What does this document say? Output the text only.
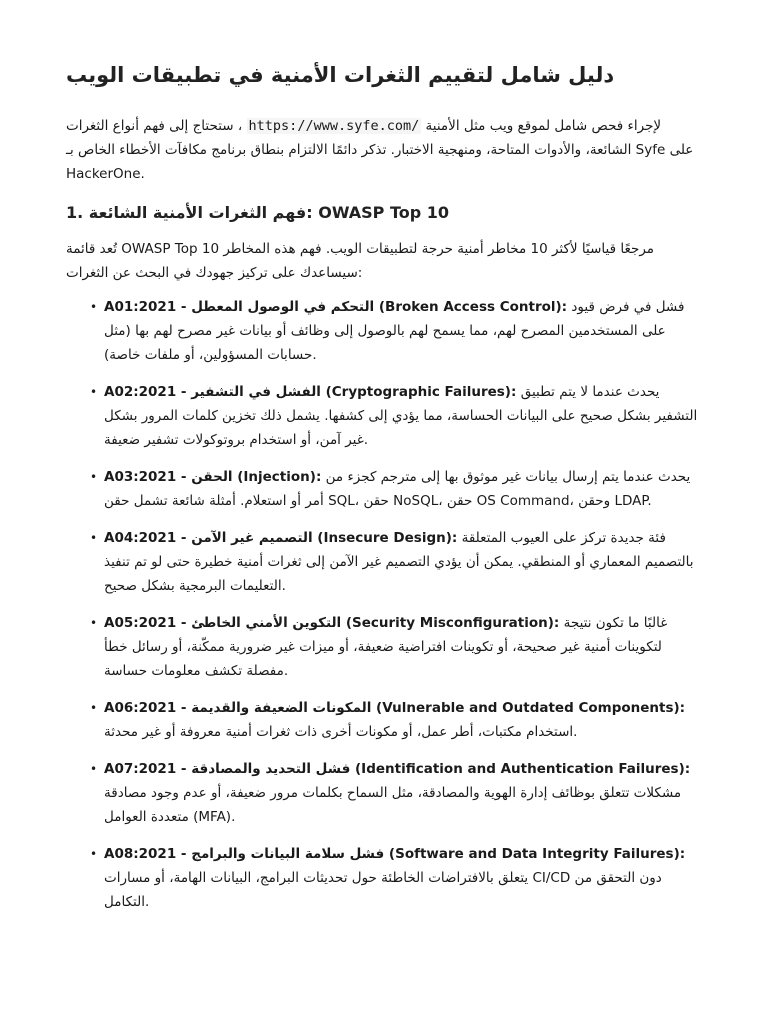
دليل شامل لتقييم الثغرات الأمنية في تطبيقات الويب

ستحتاج إلى فهم أنواع الثغرات ، https://www.syfe.com/ لإجراء فحص شامل لموقع ويب مثل الأمنية الشائعة، والأدوات المتاحة، ومنهجية الاختبار. تذكر دائمًا الالتزام بنطاق برنامج مكافآت الأخطاء الخاص بـ Syfe على HackerOne.

1. فهم الثغرات الأمنية الشائعة: OWASP Top 10

تُعد قائمة OWASP Top 10 مرجعًا قياسيًا لأكثر 10 مخاطر أمنية حرجة لتطبيقات الويب. فهم هذه المخاطر سيساعدك على تركيز جهودك في البحث عن الثغرات:

• A01:2021 - التحكم في الوصول المعطل (Broken Access Control): فشل في فرض قيود على المستخدمين المصرح لهم، مما يسمح لهم بالوصول إلى وظائف أو بيانات غير مصرح لهم بها (مثل حسابات المسؤولين، أو ملفات خاصة).
• A02:2021 - الفشل في التشفير (Cryptographic Failures): يحدث عندما لا يتم تطبيق التشفير بشكل صحيح على البيانات الحساسة، مما يؤدي إلى كشفها. يشمل ذلك تخزين كلمات المرور بشكل غير آمن، أو استخدام بروتوكولات تشفير ضعيفة.
• A03:2021 - الحقن (Injection): يحدث عندما يتم إرسال بيانات غير موثوق بها إلى مترجم كجزء من أمر أو استعلام. أمثلة شائعة تشمل حقن SQL، حقن NoSQL، حقن OS Command، وحقن LDAP.
• A04:2021 - التصميم غير الآمن (Insecure Design): فئة جديدة تركز على العيوب المتعلقة بالتصميم المعماري أو المنطقي. يمكن أن يؤدي التصميم غير الآمن إلى ثغرات أمنية خطيرة حتى لو تم تنفيذ التعليمات البرمجية بشكل صحيح.
• A05:2021 - التكوين الأمني الخاطئ (Security Misconfiguration): غالبًا ما تكون نتيجة لتكوينات أمنية غير صحيحة، أو تكوينات افتراضية ضعيفة، أو ميزات غير ضرورية ممكّنة، أو رسائل خطأ مفصلة تكشف معلومات حساسة.
• A06:2021 - المكونات الضعيفة والقديمة (Vulnerable and Outdated Components): استخدام مكتبات، أطر عمل، أو مكونات أخرى ذات ثغرات أمنية معروفة أو غير محدثة.
• A07:2021 - فشل التحديد والمصادقة (Identification and Authentication Failures): مشكلات تتعلق بوظائف إدارة الهوية والمصادقة، مثل السماح بكلمات مرور ضعيفة، أو عدم وجود مصادقة متعددة العوامل (MFA).
• A08:2021 - فشل سلامة البيانات والبرامج (Software and Data Integrity Failures): يتعلق بالافتراضات الخاطئة حول تحديثات البرامج، البيانات الهامة، أو مسارات CI/CD دون التحقق من التكامل.
